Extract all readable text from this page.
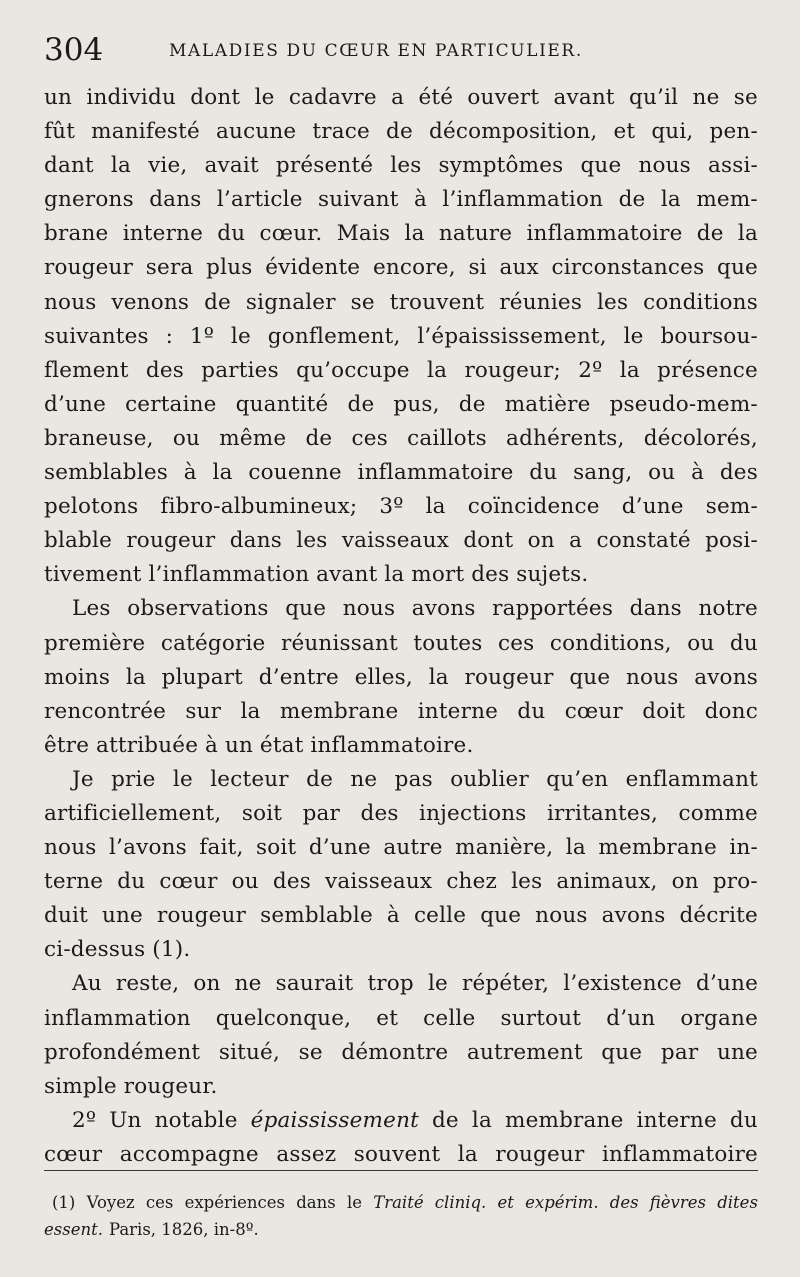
304	MALADIES DU CŒUR EN PARTICULIER.
un individu dont le cadavre a été ouvert avant qu’il ne se
fût manifesté aucune trace de décomposition, et qui, pen-
dant la vie, avait présenté les symptômes que nous assi-
gnerons dans l’article suivant à l’inflammation de la mem-
brane interne du cœur. Mais la nature inflammatoire de la
rougeur sera plus évidente encore, si aux circonstances que
nous venons de signaler se trouvent réunies les conditions
suivantes : 1º le gonflement, l’épaississement, le boursou-
flement des parties qu’occupe la rougeur; 2º la présence
d’une certaine quantité de pus, de matière pseudo-mem-
braneuse, ou même de ces caillots adhérents, décolorés,
semblables à la couenne inflammatoire du sang, ou à des
pelotons fibro-albumineux; 3º la coïncidence d’une sem-
blable rougeur dans les vaisseaux dont on a constaté posi-
tivement l’inflammation avant la mort des sujets.
Les observations que nous avons rapportées dans notre
première catégorie réunissant toutes ces conditions, ou du
moins la plupart d’entre elles, la rougeur que nous avons
rencontrée sur la membrane interne du cœur doit donc
être attribuée à un état inflammatoire.
Je prie le lecteur de ne pas oublier qu’en enflammant
artificiellement, soit par des injections irritantes, comme
nous l’avons fait, soit d’une autre manière, la membrane in-
terne du cœur ou des vaisseaux chez les animaux, on pro-
duit une rougeur semblable à celle que nous avons décrite
ci-dessus (1).
Au reste, on ne saurait trop le répéter, l’existence d’une
inflammation quelconque, et celle surtout d’un organe
profondément situé, se démontre autrement que par une
simple rougeur.
2º Un notable épaississement de la membrane interne du
cœur accompagne assez souvent la rougeur inflammatoire
(1) Voyez ces expériences dans le Traité cliniq. et expérim. des fièvres dites
essent. Paris, 1826, in-8º.
